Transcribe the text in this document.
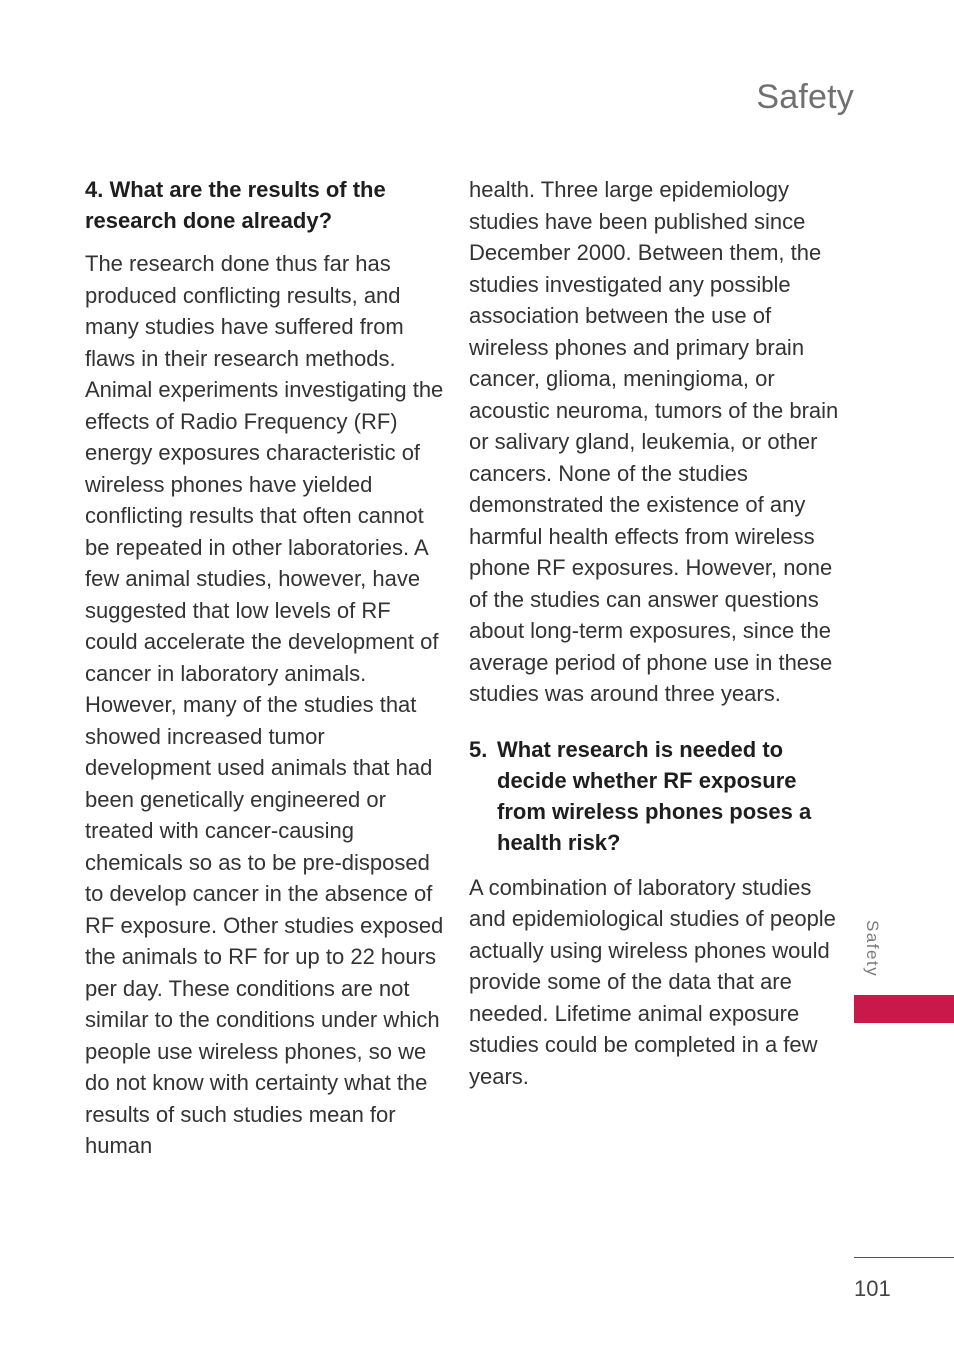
Safety
4. What are the results of the research done already?

The research done thus far has produced conflicting results, and many studies have suffered from flaws in their research methods. Animal experiments investigating the effects of Radio Frequency (RF) energy exposures characteristic of wireless phones have yielded conflicting results that often cannot be repeated in other laboratories. A few animal studies, however, have suggested that low levels of RF could accelerate the development of cancer in laboratory animals. However, many of the studies that showed increased tumor development used animals that had been genetically engineered or treated with cancer-causing chemicals so as to be pre-disposed to develop cancer in the absence of RF exposure. Other studies exposed the animals to RF for up to 22 hours per day. These conditions are not similar to the conditions under which people use wireless phones, so we do not know with certainty what the results of such studies mean for human

health. Three large epidemiology studies have been published since December 2000. Between them, the studies investigated any possible association between the use of wireless phones and primary brain cancer, glioma, meningioma, or acoustic neuroma, tumors of the brain or salivary gland, leukemia, or other cancers. None of the studies demonstrated the existence of any harmful health effects from wireless phone RF exposures. However, none of the studies can answer questions about long-term exposures, since the average period of phone use in these studies was around three years.

5. What research is needed to decide whether RF exposure from wireless phones poses a health risk?

A combination of laboratory studies and epidemiological studies of people actually using wireless phones would provide some of the data that are needed. Lifetime animal exposure studies could be completed in a few years.

Safety
101
